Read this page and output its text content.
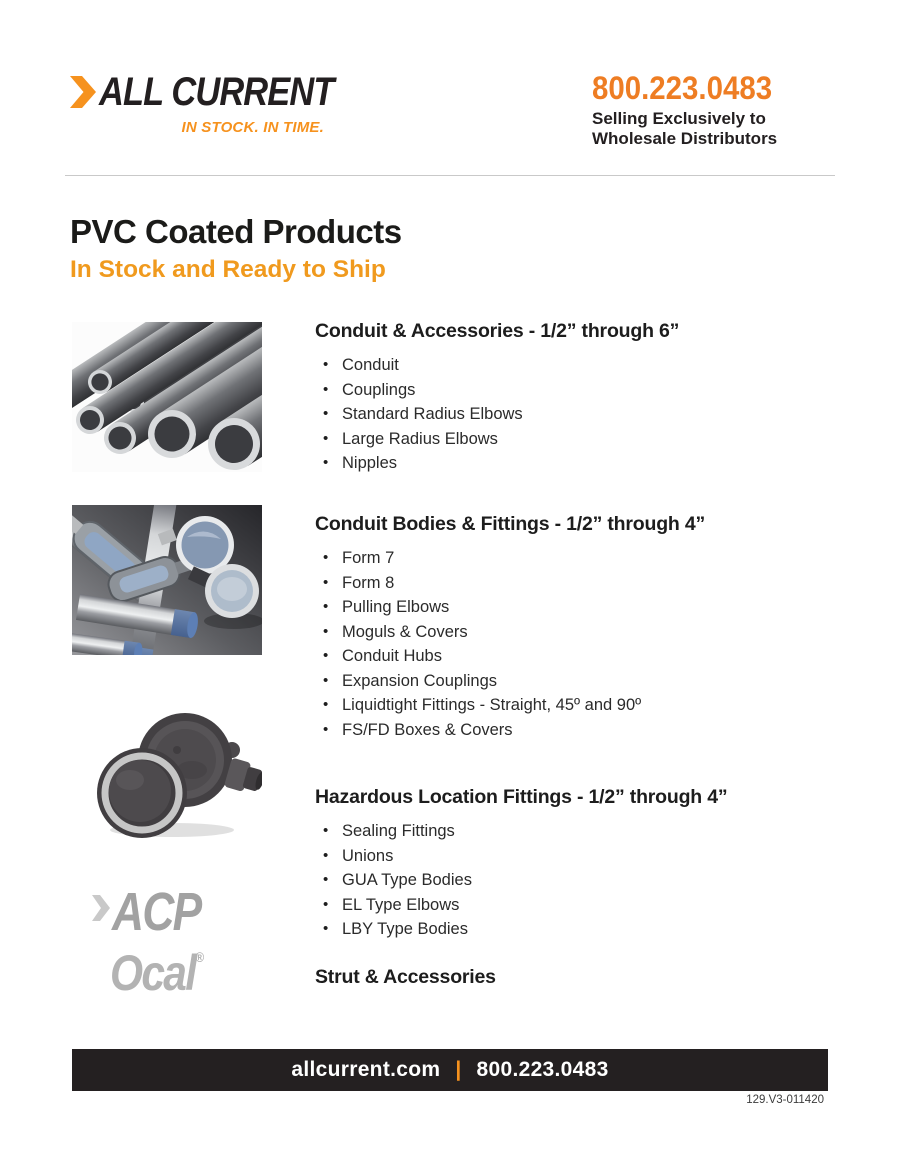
ALL CURRENT
IN STOCK. IN TIME.
800.223.0483
Selling Exclusively to
Wholesale Distributors
PVC Coated Products
In Stock and Ready to Ship
Conduit & Accessories - 1/2” through 6”
• Conduit
• Couplings
• Standard Radius Elbows
• Large Radius Elbows
• Nipples
Conduit Bodies & Fittings - 1/2” through 4”
• Form 7
• Form 8
• Pulling Elbows
• Moguls & Covers
• Conduit Hubs
• Expansion Couplings
• Liquidtight Fittings - Straight, 45º and 90º
• FS/FD Boxes & Covers
Hazardous Location Fittings - 1/2” through 4”
• Sealing Fittings
• Unions
• GUA Type Bodies
• EL Type Elbows
• LBY Type Bodies
Strut & Accessories
ACP
Ocal®
allcurrent.com | 800.223.0483
129.V3-011420
